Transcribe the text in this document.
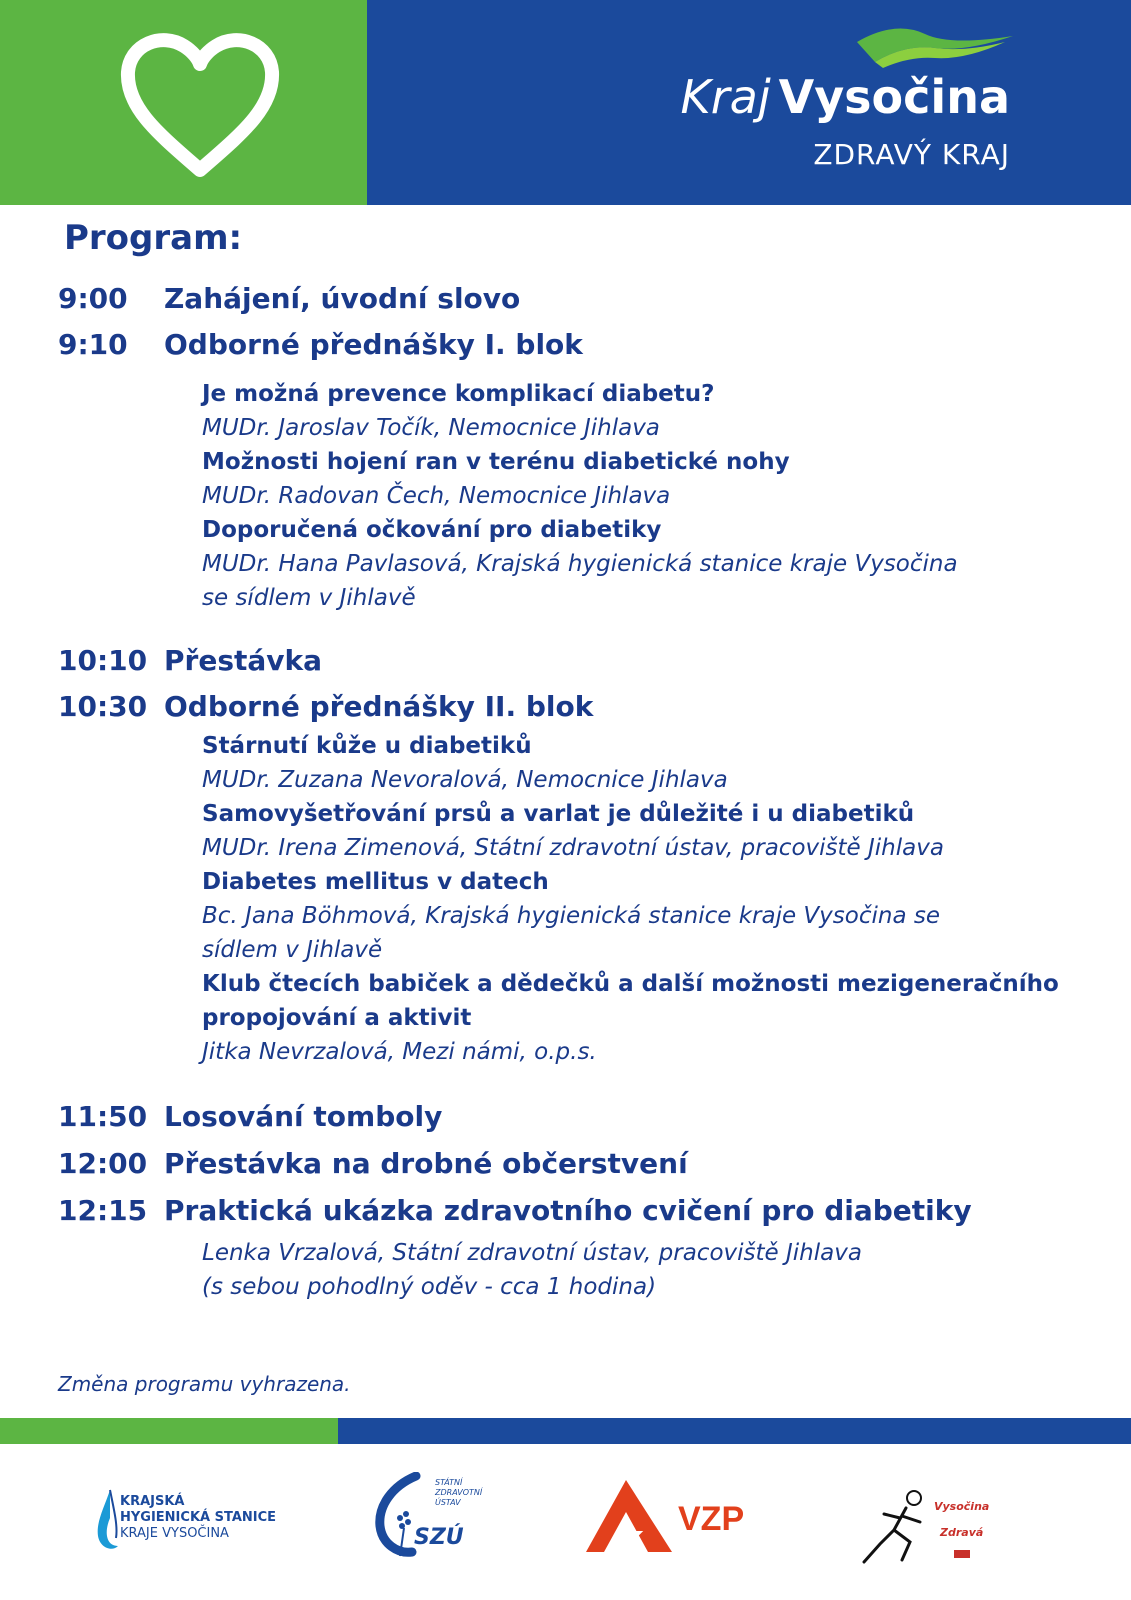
Kraj Vysočina
ZDRAVÝ KRAJ
Program:
9:00 Zahájení, úvodní slovo
9:10 Odborné přednášky I. blok
Je možná prevence komplikací diabetu?
MUDr. Jaroslav Točík, Nemocnice Jihlava
Možnosti hojení ran v terénu diabetické nohy
MUDr. Radovan Čech, Nemocnice Jihlava
Doporučená očkování pro diabetiky
MUDr. Hana Pavlasová, Krajská hygienická stanice kraje Vysočina
se sídlem v Jihlavě
10:10 Přestávka
10:30 Odborné přednášky II. blok
Stárnutí kůže u diabetiků
MUDr. Zuzana Nevoralová, Nemocnice Jihlava
Samovyšetřování prsů a varlat je důležité i u diabetiků
MUDr. Irena Zimenová, Státní zdravotní ústav, pracoviště Jihlava
Diabetes mellitus v datech
Bc. Jana Böhmová, Krajská hygienická stanice kraje Vysočina se
sídlem v Jihlavě
Klub čtecích babiček a dědečků a další možnosti mezigeneračního
propojování a aktivit
Jitka Nevrzalová, Mezi námi, o.p.s.
11:50 Losování tomboly
12:00 Přestávka na drobné občerstvení
12:15 Praktická ukázka zdravotního cvičení pro diabetiky
Lenka Vrzalová, Státní zdravotní ústav, pracoviště Jihlava
(s sebou pohodlný oděv - cca 1 hodina)
Změna programu vyhrazena.
KRAJSKÁ
HYGIENICKÁ STANICE
KRAJE VYSOČINA
STÁTNÍ
ZDRAVOTNÍ
ÚSTAV
SZÚ	VZP	Vysočina
Zdravá
